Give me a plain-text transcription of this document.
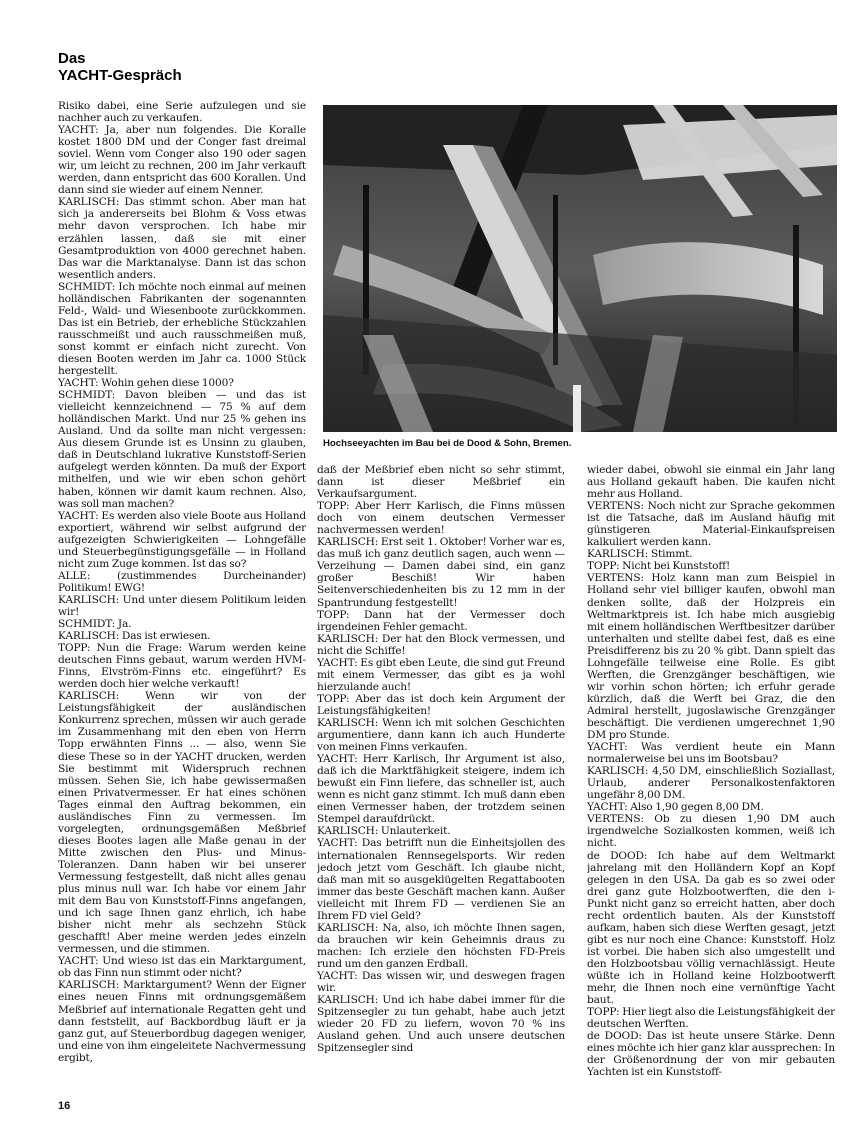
Das
YACHT-Gespräch

Risiko dabei, eine Serie aufzulegen und sie nachher auch zu verkaufen.

YACHT: Ja, aber nun folgendes. Die Koralle kostet 1800 DM und der Conger fast dreimal soviel. Wenn vom Conger also 190 oder sagen wir, um leicht zu rechnen, 200 im Jahr verkauft werden, dann entspricht das 600 Korallen. Und dann sind sie wieder auf einem Nenner.

KARLISCH: Das stimmt schon. Aber man hat sich ja andererseits bei Blohm & Voss etwas mehr davon versprochen. Ich habe mir erzählen lassen, daß sie mit einer Gesamtproduktion von 4000 gerechnet haben. Das war die Marktanalyse. Dann ist das schon wesentlich anders.

SCHMIDT: Ich möchte noch einmal auf meinen holländischen Fabrikanten der sogenannten Feld-, Wald- und Wiesenboote zurückkommen. Das ist ein Betrieb, der erhebliche Stückzahlen rausschmeißt und auch rausschmeißen muß, sonst kommt er einfach nicht zurecht. Von diesen Booten werden im Jahr ca. 1000 Stück hergestellt.

YACHT: Wohin gehen diese 1000?

SCHMIDT: Davon bleiben — und das ist vielleicht kennzeichnend — 75 % auf dem holländischen Markt. Und nur 25 % gehen ins Ausland. Und da sollte man nicht vergessen: Aus diesem Grunde ist es Unsinn zu glauben, daß in Deutschland lukrative Kunststoff-Serien aufgelegt werden könnten. Da muß der Export mithelfen, und wie wir eben schon gehört haben, können wir damit kaum rechnen. Also, was soll man machen?

YACHT: Es werden also viele Boote aus Holland exportiert, während wir selbst aufgrund der aufgezeigten Schwierigkeiten — Lohngefälle und Steuerbegünstigungsgefälle — in Holland nicht zum Zuge kommen. Ist das so?

ALLE: (zustimmendes Durcheinander) Politikum! EWG!

KARLISCH: Und unter diesem Politikum leiden wir!

SCHMIDT: Ja.

KARLISCH: Das ist erwiesen.

TOPP: Nun die Frage: Warum werden keine deutschen Finns gebaut, warum werden HVM-Finns, Elvström-Finns etc. eingeführt? Es werden doch hier welche verkauft!

KARLISCH: Wenn wir von der Leistungsfähigkeit der ausländischen Konkurrenz sprechen, müssen wir auch gerade im Zusammenhang mit den eben von Herrn Topp erwähnten Finns ... — also, wenn Sie diese These so in der YACHT drucken, werden Sie bestimmt mit Widerspruch rechnen müssen. Sehen Sie, ich habe gewissermaßen einen Privatvermesser. Er hat eines schönen Tages einmal den Auftrag bekommen, ein ausländisches Finn zu vermessen. Im vorgelegten, ordnungsgemäßen Meßbrief dieses Bootes lagen alle Maße genau in der Mitte zwischen den Plus- und Minus-Toleranzen. Dann haben wir bei unserer Vermessung festgestellt, daß nicht alles genau plus minus null war. Ich habe vor einem Jahr mit dem Bau von Kunststoff-Finns angefangen, und ich sage Ihnen ganz ehrlich, ich habe bisher nicht mehr als sechzehn Stück geschafft! Aber meine werden jedes einzeln vermessen, und die stimmen.

YACHT: Und wieso ist das ein Marktargument, ob das Finn nun stimmt oder nicht?

KARLISCH: Marktargument? Wenn der Eigner eines neuen Finns mit ordnungsgemäßem Meßbrief auf internationale Regatten geht und dann feststellt, auf Backbordbug läuft er ja ganz gut, auf Steuerbordbug dagegen weniger, und eine von ihm eingeleitete Nachvermessung ergibt,

Hochseeyachten im Bau bei de Dood & Sohn, Bremen.

daß der Meßbrief eben nicht so sehr stimmt, dann ist dieser Meßbrief ein Verkaufsargument.

TOPP: Aber Herr Karlisch, die Finns müssen doch von einem deutschen Vermesser nachvermessen werden!

KARLISCH: Erst seit 1. Oktober! Vorher war es, das muß ich ganz deutlich sagen, auch wenn — Verzeihung — Damen dabei sind, ein ganz großer Beschiß! Wir haben Seitenverschiedenheiten bis zu 12 mm in der Spantrundung festgestellt!

TOPP: Dann hat der Vermesser doch irgendeinen Fehler gemacht.

KARLISCH: Der hat den Block vermessen, und nicht die Schiffe!

YACHT: Es gibt eben Leute, die sind gut Freund mit einem Vermesser, das gibt es ja wohl hierzulande auch!

TOPP: Aber das ist doch kein Argument der Leistungsfähigkeiten!

KARLISCH: Wenn ich mit solchen Geschichten argumentiere, dann kann ich auch Hunderte von meinen Finns verkaufen.

YACHT: Herr Karlisch, Ihr Argument ist also, daß ich die Marktfähigkeit steigere, indem ich bewußt ein Finn liefere, das schneller ist, auch wenn es nicht ganz stimmt. Ich muß dann eben einen Vermesser haben, der trotzdem seinen Stempel daraufdrückt.

KARLISCH: Unlauterkeit.

YACHT: Das betrifft nun die Einheitsjollen des internationalen Rennsegelsports. Wir reden jedoch jetzt vom Geschäft. Ich glaube nicht, daß man mit so ausgeklügelten Regattabooten immer das beste Geschäft machen kann. Außer vielleicht mit Ihrem FD — verdienen Sie an Ihrem FD viel Geld?

KARLISCH: Na, also, ich möchte Ihnen sagen, da brauchen wir kein Geheimnis draus zu machen: Ich erziele den höchsten FD-Preis rund um den ganzen Erdball.

YACHT: Das wissen wir, und deswegen fragen wir.

KARLISCH: Und ich habe dabei immer für die Spitzensegler zu tun gehabt, habe auch jetzt wieder 20 FD zu liefern, wovon 70 % ins Ausland gehen. Und auch unsere deutschen Spitzensegler sind

wieder dabei, obwohl sie einmal ein Jahr lang aus Holland gekauft haben. Die kaufen nicht mehr aus Holland.

VERTENS: Noch nicht zur Sprache gekommen ist die Tatsache, daß im Ausland häufig mit günstigeren Material-Einkaufspreisen kalkuliert werden kann.

KARLISCH: Stimmt.

TOPP: Nicht bei Kunststoff!

VERTENS: Holz kann man zum Beispiel in Holland sehr viel billiger kaufen, obwohl man denken sollte, daß der Holzpreis ein Weltmarktpreis ist. Ich habe mich ausgiebig mit einem holländischen Werftbesitzer darüber unterhalten und stellte dabei fest, daß es eine Preisdifferenz bis zu 20 % gibt. Dann spielt das Lohngefälle teilweise eine Rolle. Es gibt Werften, die Grenzgänger beschäftigen, wie wir vorhin schon hörten; ich erfuhr gerade kürzlich, daß die Werft bei Graz, die den Admiral herstellt, jugoslawische Grenzgänger beschäftigt. Die verdienen umgerechnet 1,90 DM pro Stunde.

YACHT: Was verdient heute ein Mann normalerweise bei uns im Bootsbau?

KARLISCH: 4,50 DM, einschließlich Soziallast, Urlaub, anderer Personalkostenfaktoren ungefähr 8,00 DM.

YACHT: Also 1,90 gegen 8,00 DM.

VERTENS: Ob zu diesen 1,90 DM auch irgendwelche Sozialkosten kommen, weiß ich nicht.

de DOOD: Ich habe auf dem Weltmarkt jahrelang mit den Holländern Kopf an Kopf gelegen in den USA. Da gab es so zwei oder drei ganz gute Holzbootwerften, die den i-Punkt nicht ganz so erreicht hatten, aber doch recht ordentlich bauten. Als der Kunststoff aufkam, haben sich diese Werften gesagt, jetzt gibt es nur noch eine Chance: Kunststoff. Holz ist vorbei. Die haben sich also umgestellt und den Holzbootsbau völlig vernachlässigt. Heute wüßte ich in Holland keine Holzbootwerft mehr, die Ihnen noch eine vernünftige Yacht baut.

TOPP: Hier liegt also die Leistungsfähigkeit der deutschen Werften.

de DOOD: Das ist heute unsere Stärke. Denn eines möchte ich hier ganz klar aussprechen: In der Größenordnung der von mir gebauten Yachten ist ein Kunststoff-

16
